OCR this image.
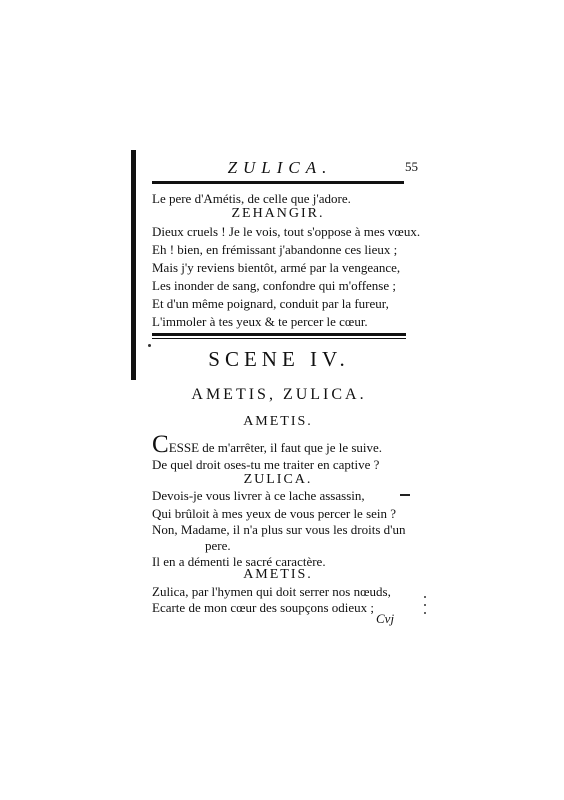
ZULICA.	55
Le pere d'Amétis, de celle que j'adore.
ZEHANGIR.
Dieux cruels ! Je le vois, tout s'oppose à mes vœux.
Eh ! bien, en frémissant j'abandonne ces lieux ;
Mais j'y reviens bientôt, armé par la vengeance,
Les inonder de sang, confondre qui m'offense ;
Et d'un même poignard, conduit par la fureur,
L'immoler à tes yeux & te percer le cœur.
SCENE IV.
AMETIS, ZULICA.
AMETIS.
CESSE de m'arrêter, il faut que je le suive.
De quel droit oses-tu me traiter en captive ?
ZULICA.
Devois-je vous livrer à ce lache assassin,
Qui brûloit à mes yeux de vous percer le sein ?
Non, Madame, il n'a plus sur vous les droits d'un
pere.
Il en a démenti le sacré caractère.
AMETIS.
Zulica, par l'hymen qui doit serrer nos nœuds,
Ecarte de mon cœur des soupçons odieux ;
Cvj
